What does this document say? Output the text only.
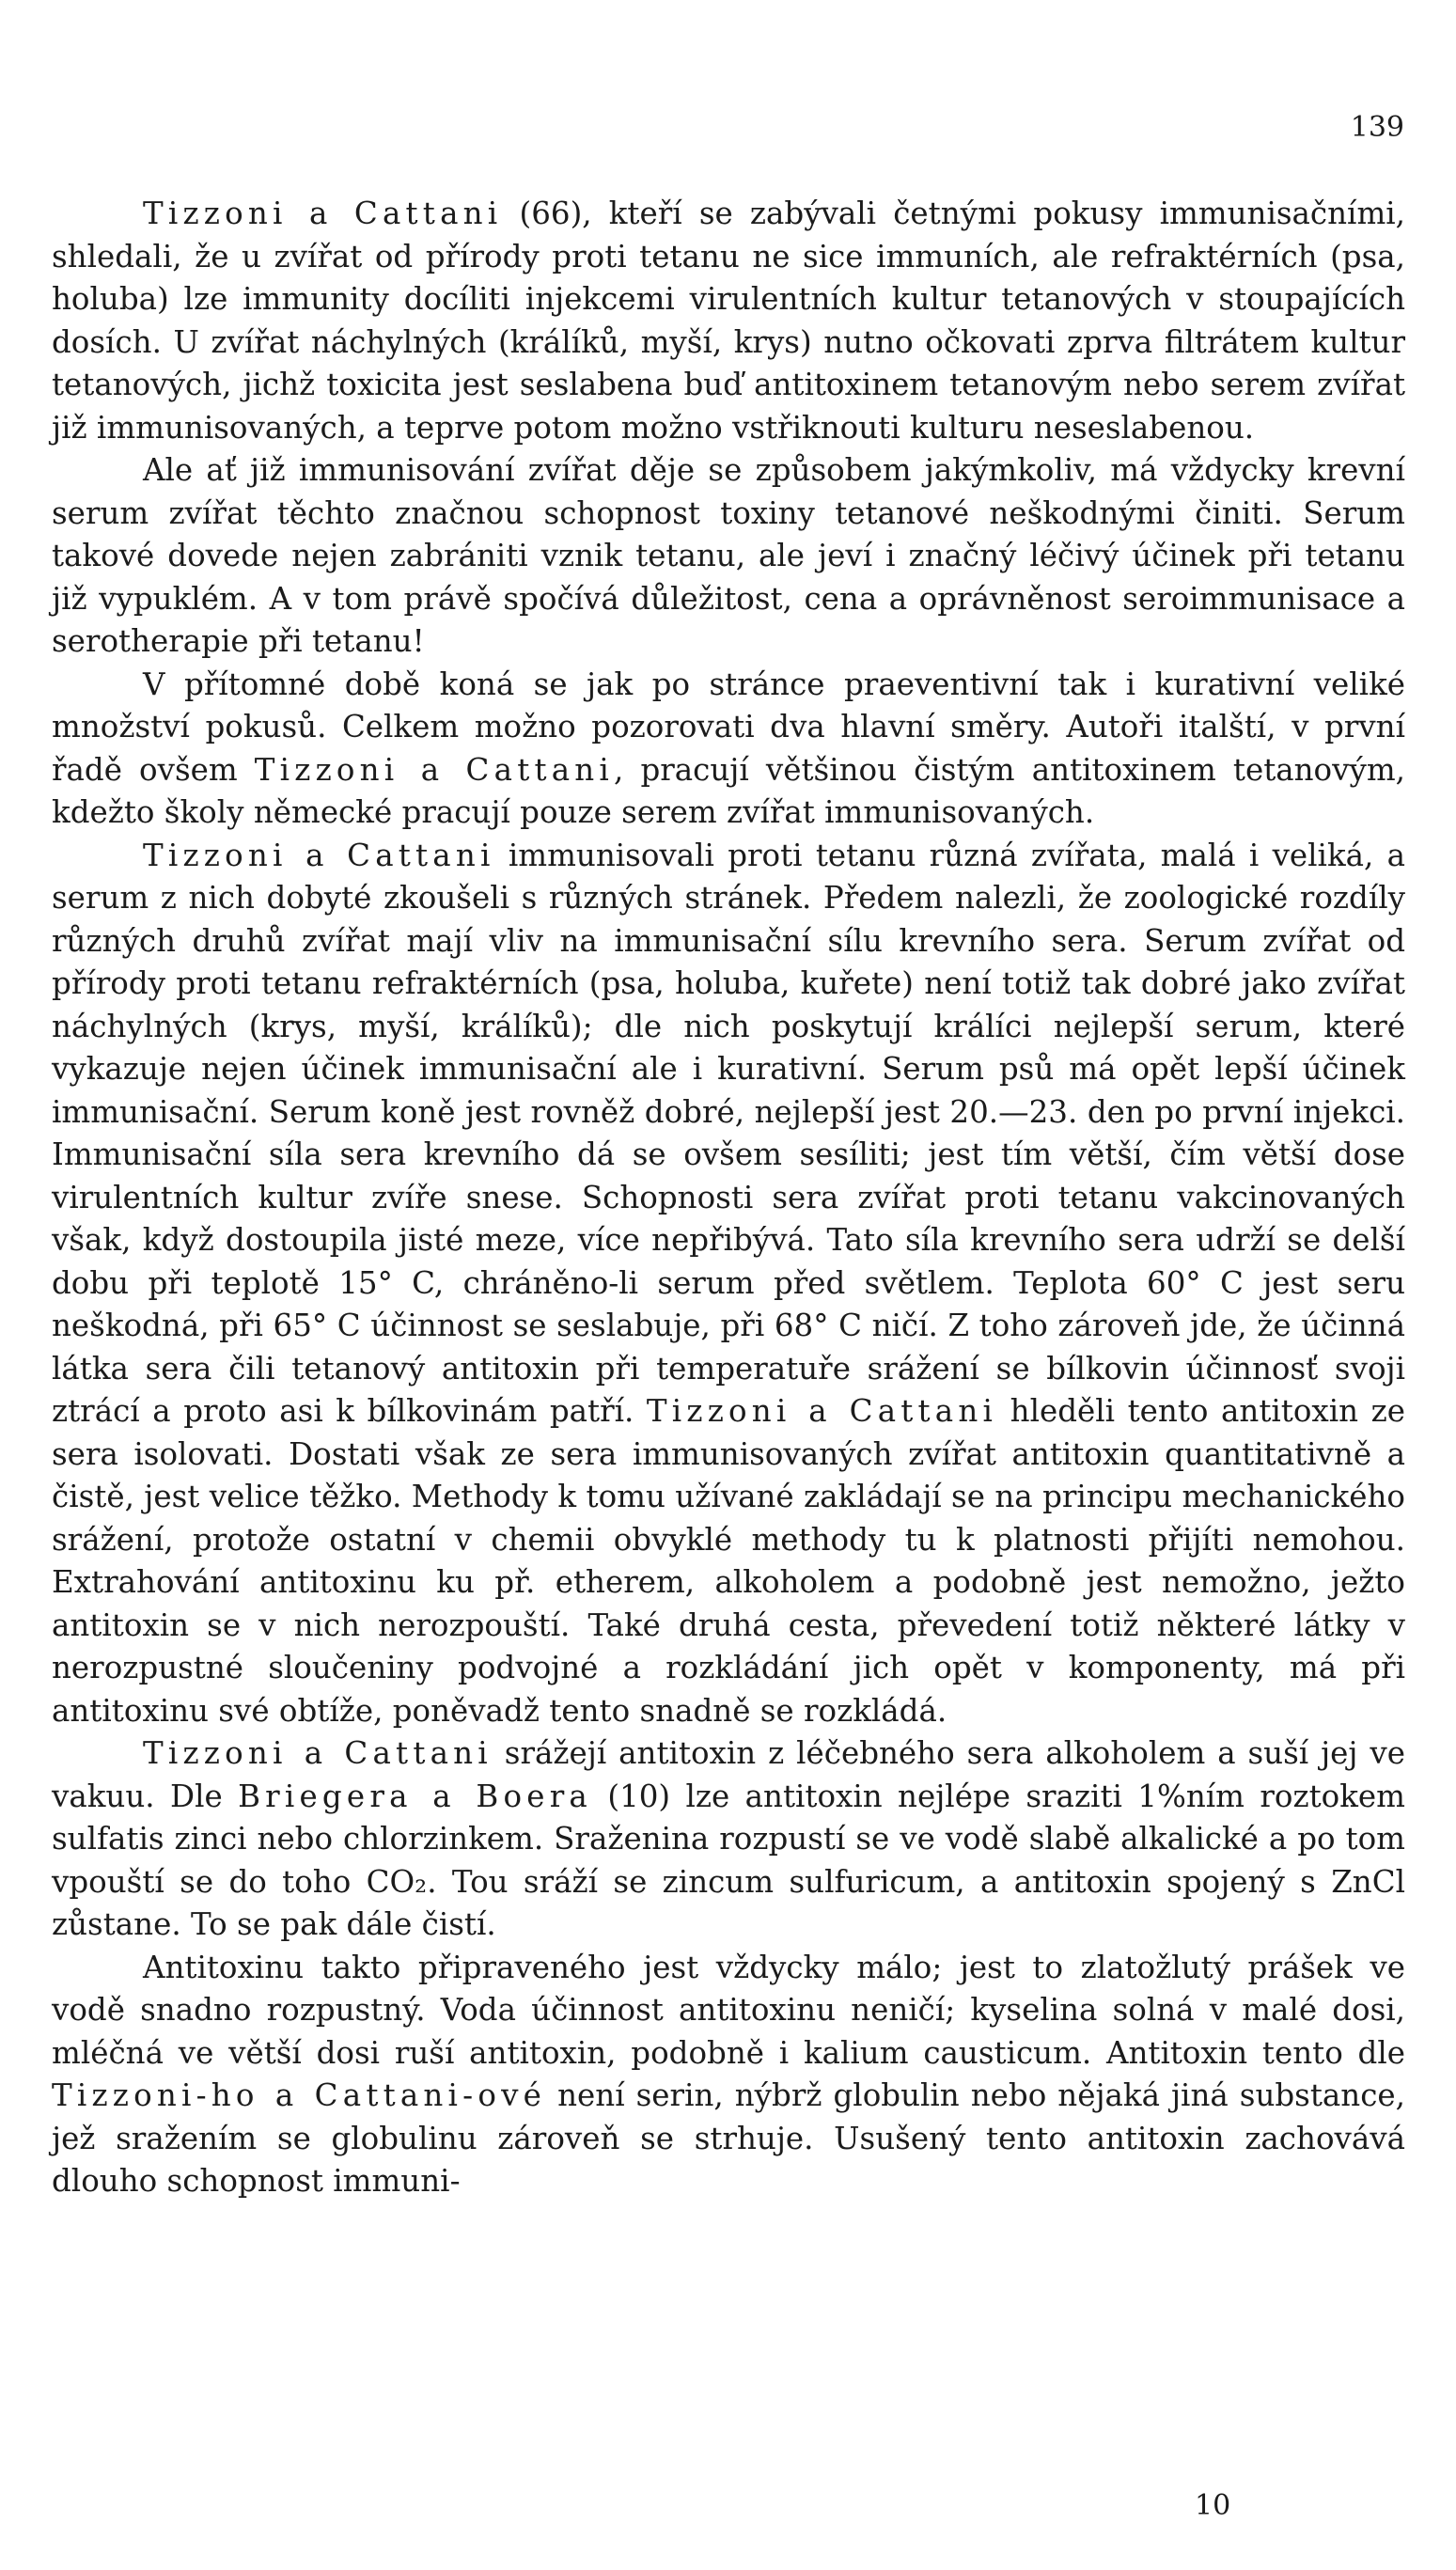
139

Tizzoni a Cattani (66), kteří se zabývali četnými pokusy immunisačními, shledali, že u zvířat od přírody proti tetanu ne sice immuních, ale refraktérních (psa, holuba) lze immunity docíliti injekcemi virulentních kultur tetanových v stoupajících dosích. U zvířat náchylných (králíků, myší, krys) nutno očkovati zprva filtrátem kultur tetanových, jichž toxicita jest seslabena buď antitoxinem tetanovým nebo serem zvířat již immunisovaných, a teprve potom možno vstřiknouti kulturu neseslabenou.

Ale ať již immunisování zvířat děje se způsobem jakýmkoliv, má vždycky krevní serum zvířat těchto značnou schopnost toxiny tetanové neškodnými činiti. Serum takové dovede nejen zabrániti vznik tetanu, ale jeví i značný léčivý účinek při tetanu již vypuklém. A v tom právě spočívá důležitost, cena a oprávněnost seroimmunisace a serotherapie při tetanu!

V přítomné době koná se jak po stránce praeventivní tak i kurativní veliké množství pokusů. Celkem možno pozorovati dva hlavní směry. Autoři italští, v první řadě ovšem Tizzoni a Cattani, pracují většinou čistým antitoxinem tetanovým, kdežto školy německé pracují pouze serem zvířat immunisovaných.

Tizzoni a Cattani immunisovali proti tetanu různá zvířata, malá i veliká, a serum z nich dobyté zkoušeli s různých stránek. Předem nalezli, že zoologické rozdíly různých druhů zvířat mají vliv na immunisační sílu krevního sera. Serum zvířat od přírody proti tetanu refraktérních (psa, holuba, kuřete) není totiž tak dobré jako zvířat náchylných (krys, myší, králíků); dle nich poskytují králíci nejlepší serum, které vykazuje nejen účinek immunisační ale i kurativní. Serum psů má opět lepší účinek immunisační. Serum koně jest rovněž dobré, nejlepší jest 20.—23. den po první injekci. Immunisační síla sera krevního dá se ovšem sesíliti; jest tím větší, čím větší dose virulentních kultur zvíře snese. Schopnosti sera zvířat proti tetanu vakcinovaných však, když dostoupila jisté meze, více nepřibývá. Tato síla krevního sera udrží se delší dobu při teplotě 15° C, chráněno-li serum před světlem. Teplota 60° C jest seru neškodná, při 65° C účinnost se seslabuje, při 68° C ničí. Z toho zároveň jde, že účinná látka sera čili tetanový antitoxin při temperatuře srážení se bílkovin účinnosť svoji ztrácí a proto asi k bílkovinám patří. Tizzoni a Cattani hleděli tento antitoxin ze sera isolovati. Dostati však ze sera immunisovaných zvířat antitoxin quantitativně a čistě, jest velice těžko. Methody k tomu užívané zakládají se na principu mechanického srážení, protože ostatní v chemii obvyklé methody tu k platnosti přijíti nemohou. Extrahování antitoxinu ku př. etherem, alkoholem a podobně jest nemožno, ježto antitoxin se v nich nerozpouští. Také druhá cesta, převedení totiž některé látky v nerozpustné sloučeniny podvojné a rozkládání jich opět v komponenty, má při antitoxinu své obtíže, poněvadž tento snadně se rozkládá.

Tizzoni a Cattani srážejí antitoxin z léčebného sera alkoholem a suší jej ve vakuu. Dle Briegera a Boera (10) lze antitoxin nejlépe sraziti 1%ním roztokem sulfatis zinci nebo chlorzinkem. Sraženina rozpustí se ve vodě slabě alkalické a po tom vpouští se do toho CO₂. Tou sráží se zincum sulfuricum, a antitoxin spojený s ZnCl zůstane. To se pak dále čistí.

Antitoxinu takto připraveného jest vždycky málo; jest to zlatožlutý prášek ve vodě snadno rozpustný. Voda účinnost antitoxinu neničí; kyselina solná v malé dosi, mléčná ve větší dosi ruší antitoxin, podobně i kalium causticum. Antitoxin tento dle Tizzoni-ho a Cattani-ové není serin, nýbrž globulin nebo nějaká jiná substance, jež sražením se globulinu zároveň se strhuje. Usušený tento antitoxin zachovává dlouho schopnost immuni-

10
